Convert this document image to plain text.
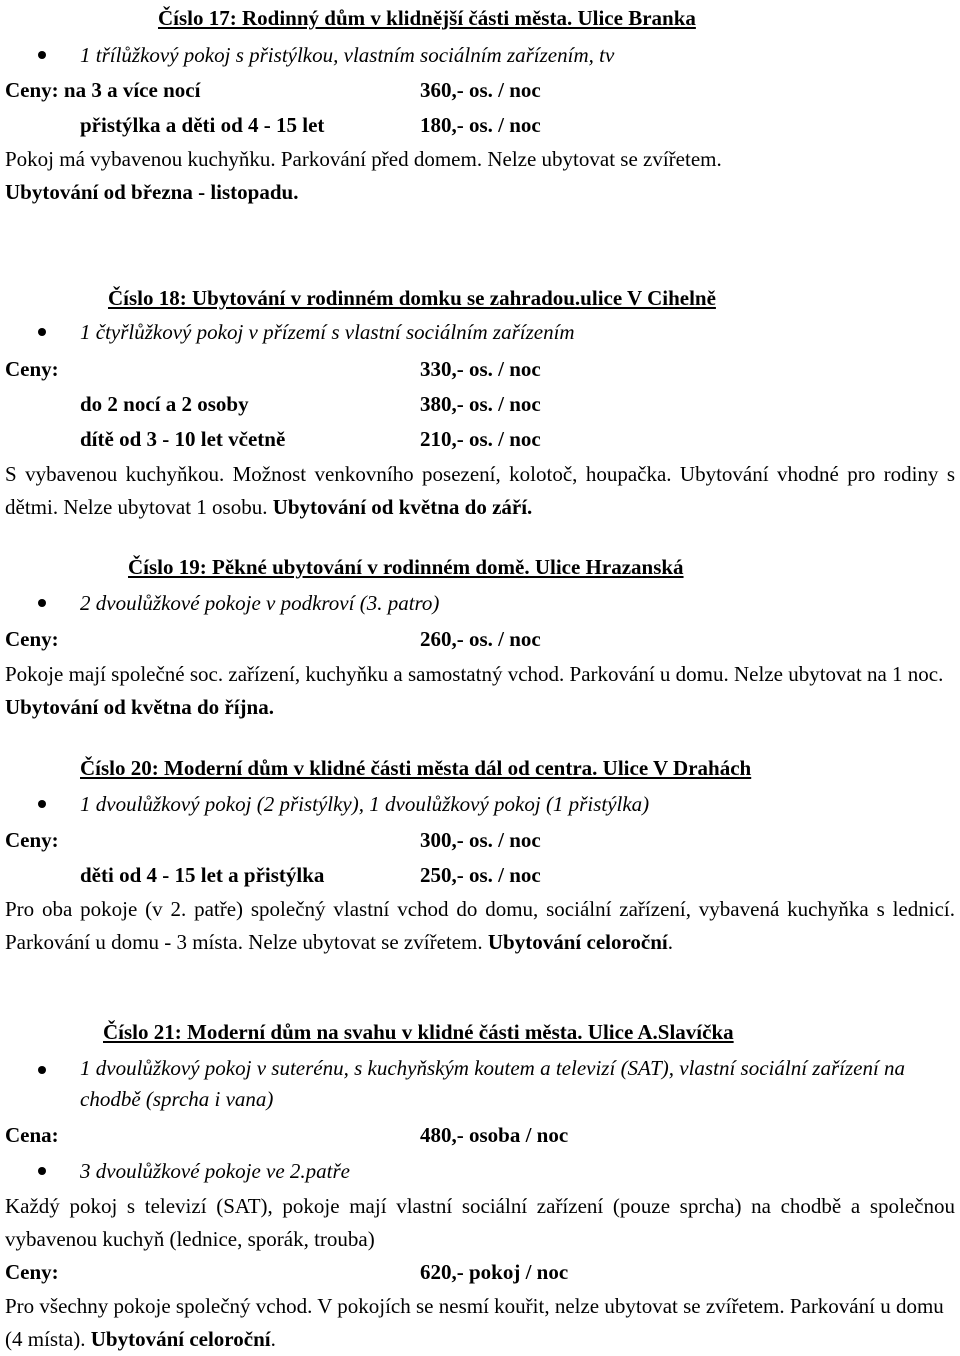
Číslo 17: Rodinný dům v klidnější části města. Ulice Branka
1 třílůžkový pokoj s přistýlkou, vlastním sociálním zařízením, tv
Ceny: na 3 a více nocí	360,- os. / noc
přistýlka a děti od 4 - 15 let	180,- os. / noc
Pokoj má vybavenou kuchyňku. Parkování před domem. Nelze ubytovat se zvířetem.
Ubytování od března - listopadu.
Číslo 18: Ubytování v rodinném domku se zahradou.ulice V Cihelně
1 čtyřlůžkový pokoj v přízemí s vlastní sociálním zařízením
Ceny:	330,- os. / noc
do 2 nocí a 2 osoby	380,- os. / noc
dítě od 3 - 10 let včetně	210,- os. / noc
S vybavenou kuchyňkou. Možnost venkovního posezení, kolotoč, houpačka. Ubytování vhodné pro rodiny s dětmi. Nelze ubytovat 1 osobu. Ubytování od května do září.
Číslo 19: Pěkné ubytování v rodinném domě. Ulice Hrazanská
2 dvoulůžkové pokoje v podkroví (3. patro)
Ceny:	260,- os. / noc
Pokoje mají společné soc. zařízení, kuchyňku a samostatný vchod. Parkování u domu. Nelze ubytovat na 1 noc. Ubytování od května do října.
Číslo 20: Moderní dům v klidné části města dál od centra. Ulice V Drahách
1 dvoulůžkový pokoj (2 přistýlky), 1 dvoulůžkový pokoj (1 přistýlka)
Ceny:	300,- os. / noc
děti od 4 - 15 let a přistýlka	250,- os. / noc
Pro oba pokoje (v 2. patře) společný vlastní vchod do domu, sociální zařízení, vybavená kuchyňka s lednicí. Parkování u domu - 3 místa. Nelze ubytovat se zvířetem. Ubytování celoroční.
Číslo 21: Moderní dům na svahu v klidné části města. Ulice A.Slavíčka
1 dvoulůžkový pokoj v suterénu, s kuchyňským koutem a televizí (SAT), vlastní sociální zařízení na chodbě (sprcha i vana)
Cena:	480,- osoba / noc
3 dvoulůžkové pokoje ve 2.patře
Každý pokoj s televizí (SAT), pokoje mají vlastní sociální zařízení (pouze sprcha) na chodbě a společnou vybavenou kuchyň (lednice, sporák, trouba)
Ceny:	620,- pokoj / noc
Pro všechny pokoje společný vchod. V pokojích se nesmí kouřit, nelze ubytovat se zvířetem. Parkování u domu (4 místa). Ubytování celoroční.
